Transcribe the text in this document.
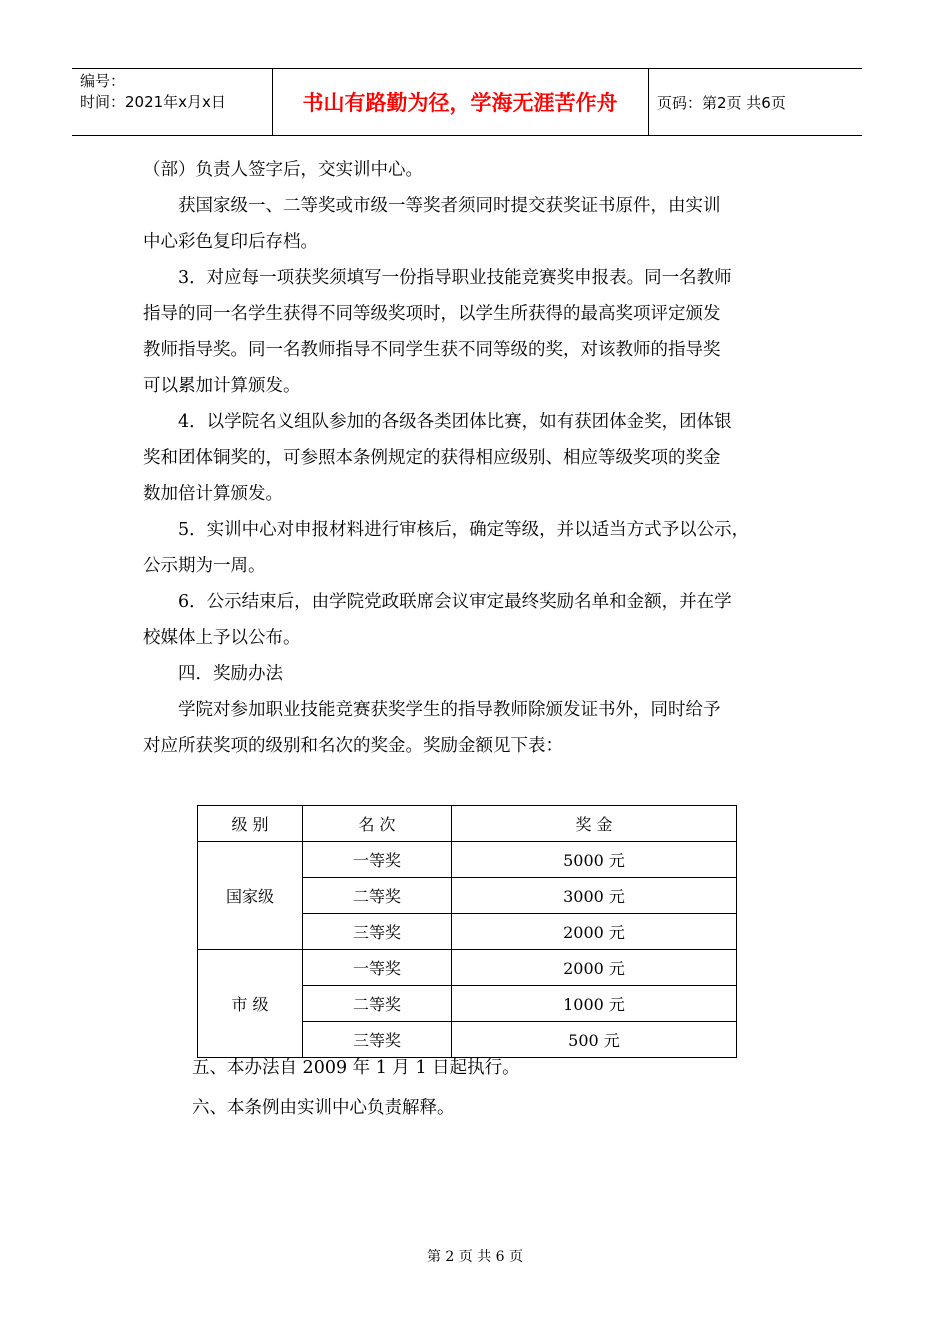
编号：
时间：2021年x月x日	书山有路勤为径，学海无涯苦作舟	页码：第2页 共6页

（部）负责人签字后，交实训中心。

获国家级一、二等奖或市级一等奖者须同时提交获奖证书原件，由实训

中心彩色复印后存档。

3．对应每一项获奖须填写一份指导职业技能竞赛奖申报表。同一名教师

指导的同一名学生获得不同等级奖项时，以学生所获得的最高奖项评定颁发

教师指导奖。同一名教师指导不同学生获不同等级的奖，对该教师的指导奖

可以累加计算颁发。

4．以学院名义组队参加的各级各类团体比赛，如有获团体金奖，团体银

奖和团体铜奖的，可参照本条例规定的获得相应级别、相应等级奖项的奖金

数加倍计算颁发。

5．实训中心对申报材料进行审核后，确定等级，并以适当方式予以公示，

公示期为一周。

6．公示结束后，由学院党政联席会议审定最终奖励名单和金额，并在学

校媒体上予以公布。

四．奖励办法

学院对参加职业技能竞赛获奖学生的指导教师除颁发证书外，同时给予

对应所获奖项的级别和名次的奖金。奖励金额见下表：

级 别	名 次	奖 金
国家级	一等奖	5000 元
	二等奖	3000 元
	三等奖	2000 元
市 级	一等奖	2000 元
	二等奖	1000 元
	三等奖	500 元
五、本办法自 2009 年 1 月 1 日起执行。
六、本条例由实训中心负责解释。
第 2 页 共 6 页
